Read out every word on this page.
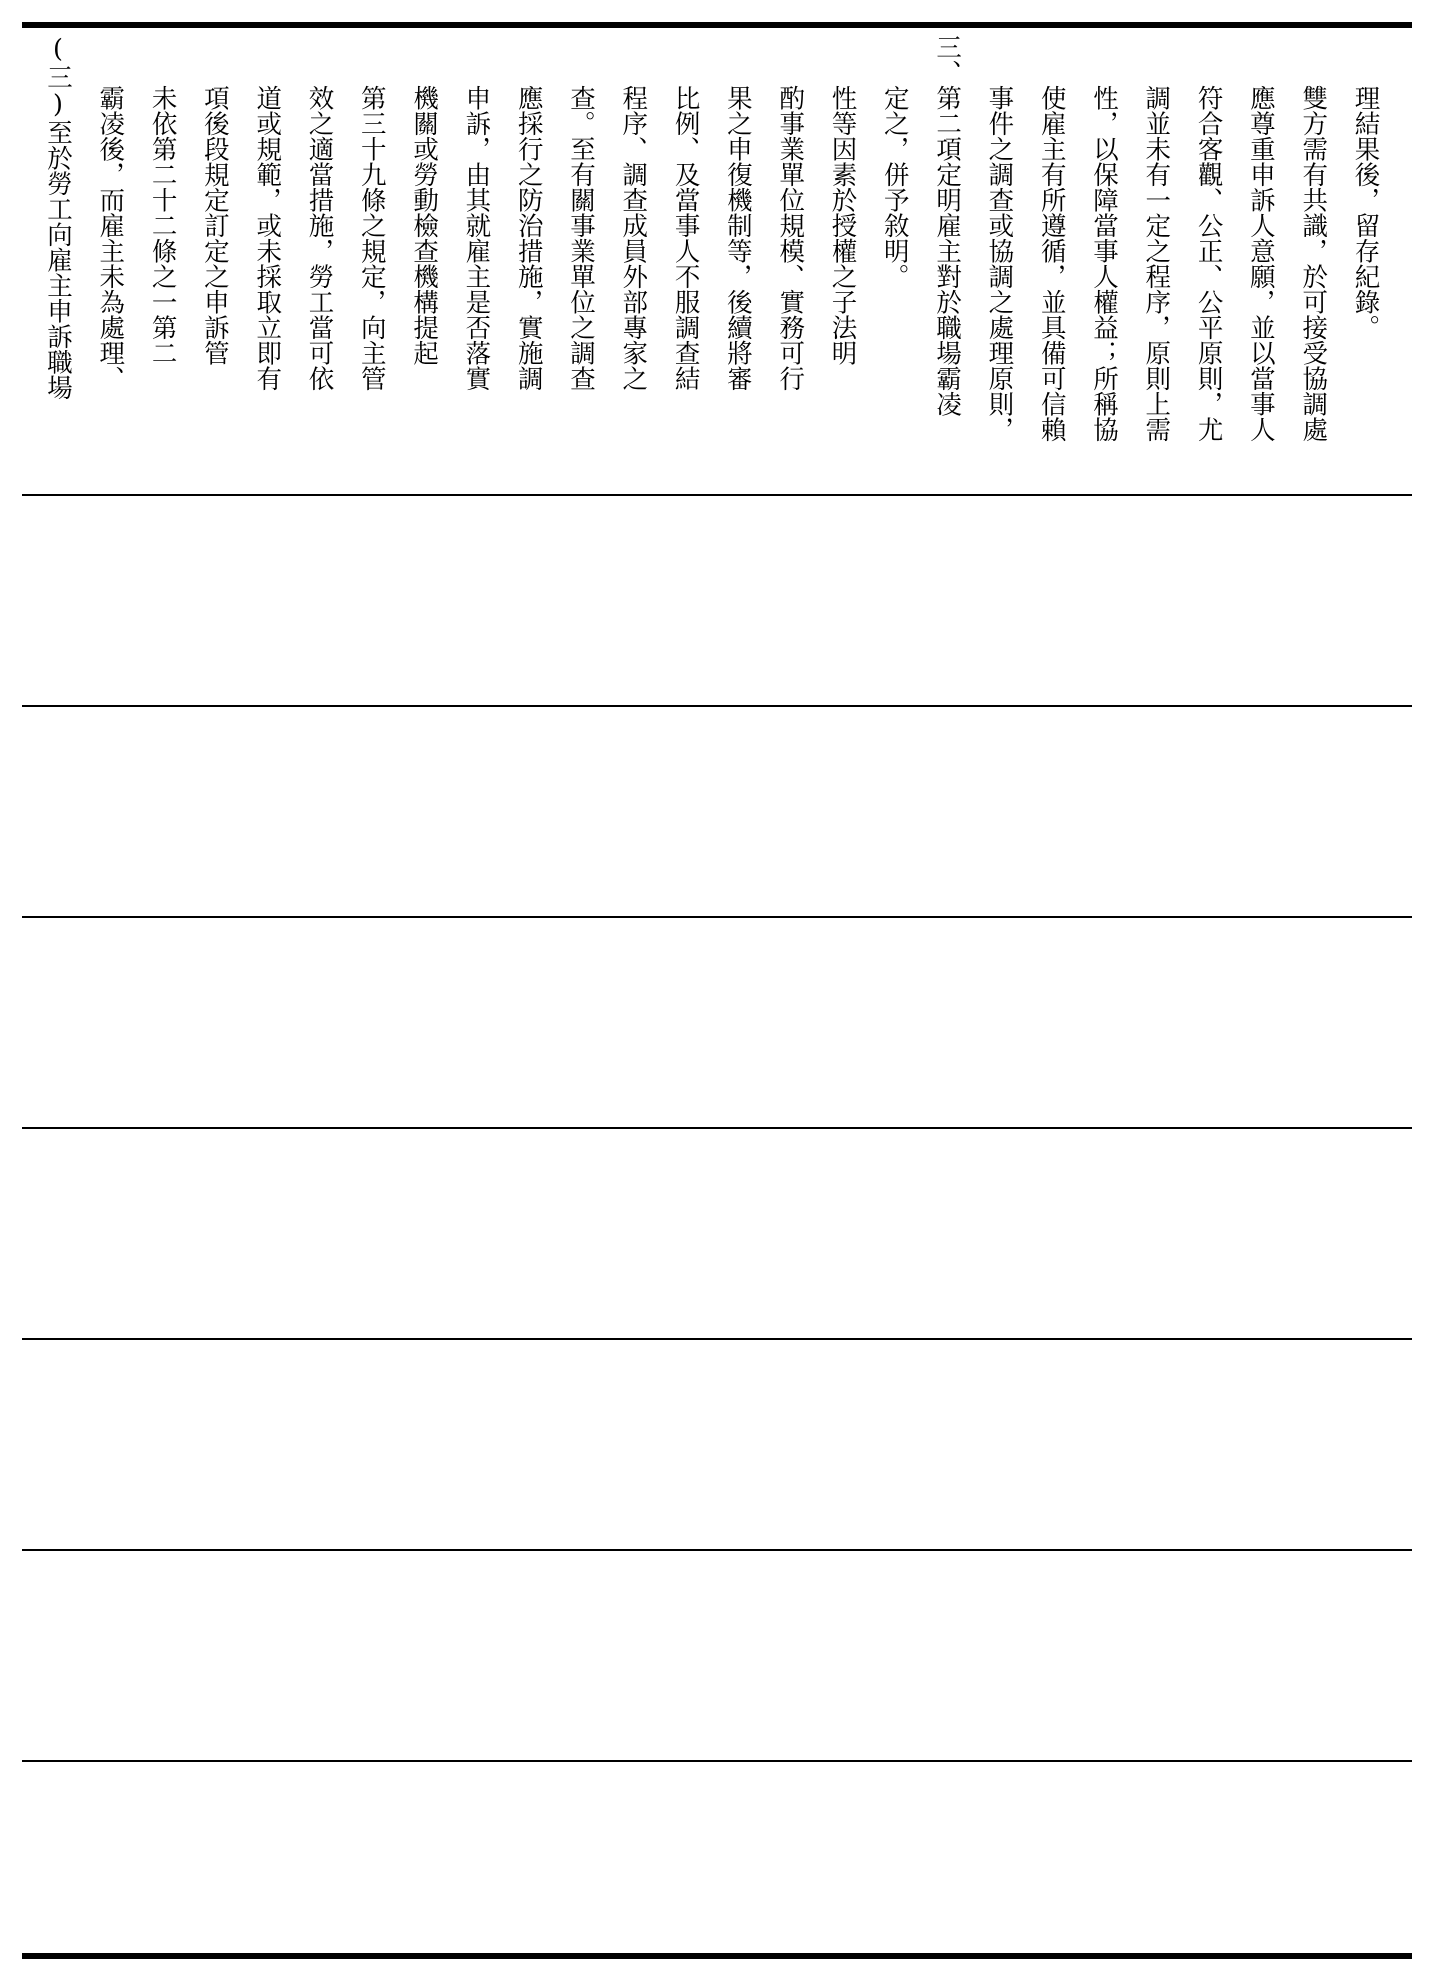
(三)至於勞工向雇主申訴職場 霸凌後，而雇主未為處理、 未依第二十二條之一第二 項後段規定訂定之申訴管 道或規範，或未採取立即有 效之適當措施，勞工當可依 第三十九條之規定，向主管 機關或勞動檢查機構提起 申訴，由其就雇主是否落實 應採行之防治措施，實施調 查。至有關事業單位之調查 程序、調查成員外部專家之 比例、及當事人不服調查結 果之申復機制等，後續將審 酌事業單位規模、實務可行 性等因素於授權之子法明 定之，併予敘明。 三、第二項定明雇主對於職場霸凌 事件之調查或協調之處理原則， 使雇主有所遵循，並具備可信賴 性，以保障當事人權益；所稱協 調並未有一定之程序，原則上需 符合客觀、公正、公平原則，尤 應尊重申訴人意願，並以當事人 雙方需有共識，於可接受協調處 理結果後，留存紀錄。
